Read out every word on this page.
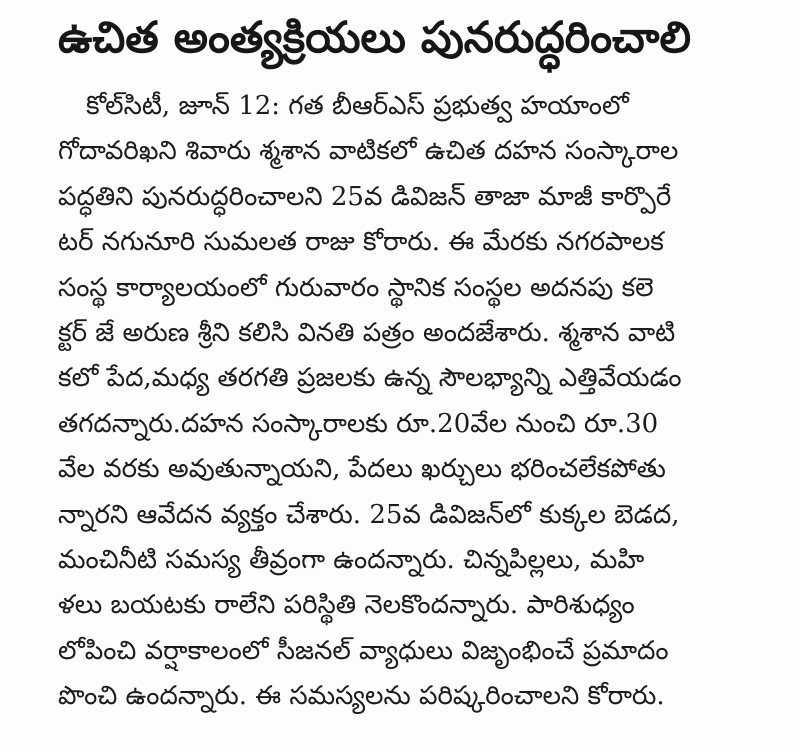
ఉచిత అంత్యక్రియలు పునరుద్ధరించాలి
కోల్‌సిటీ, జూన్ 12: గత బీఆర్ఎస్ ప్రభుత్వ హయాంలో
గోదావరిఖని శివారు శ్మశాన వాటికలో ఉచిత దహన సంస్కారాల
పద్ధతిని పునరుద్ధరించాలని 25వ డివిజన్ తాజా మాజీ కార్పొరే
టర్ నగునూరి సుమలత రాజు కోరారు. ఈ మేరకు నగరపాలక
సంస్థ కార్యాలయంలో గురువారం స్థానిక సంస్థల అదనపు కలె
క్టర్ జే అరుణ శ్రీని కలిసి వినతి పత్రం అందజేశారు. శ్మశాన వాటి
కలో పేద,మధ్య తరగతి ప్రజలకు ఉన్న సౌలభ్యాన్ని ఎత్తివేయడం
తగదన్నారు.దహన సంస్కారాలకు రూ.20వేల నుంచి రూ.30
వేల వరకు అవుతున్నాయని, పేదలు ఖర్చులు భరించలేకపోతు
న్నారని ఆవేదన వ్యక్తం చేశారు. 25వ డివిజన్‌లో కుక్కల బెడద,
మంచినీటి సమస్య తీవ్రంగా ఉందన్నారు. చిన్నపిల్లలు, మహి
ళలు బయటకు రాలేని పరిస్థితి నెలకొందన్నారు. పారిశుధ్యం
లోపించి వర్షాకాలంలో సీజనల్ వ్యాధులు విజృంభించే ప్రమాదం
పొంచి ఉందన్నారు. ఈ సమస్యలను పరిష్కరించాలని కోరారు.
